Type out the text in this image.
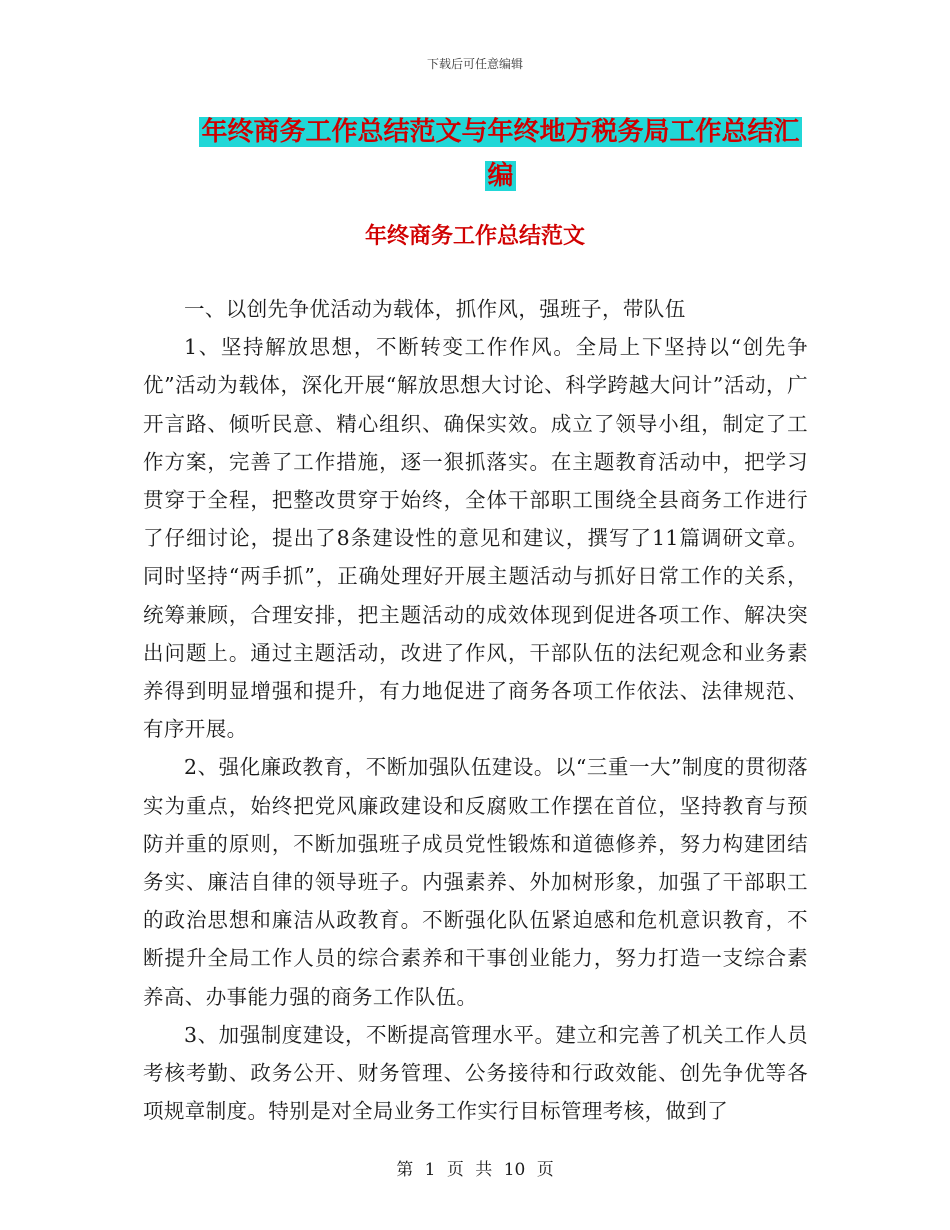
下载后可任意编辑
年终商务工作总结范文与年终地方税务局工作总结汇
编
年终商务工作总结范文

一、以创先争优活动为载体，抓作风，强班子，带队伍

1、坚持解放思想，不断转变工作作风。全局上下坚持以“创先争优”活动为载体，深化开展“解放思想大讨论、科学跨越大问计”活动，广开言路、倾听民意、精心组织、确保实效。成立了领导小组，制定了工作方案，完善了工作措施，逐一狠抓落实。在主题教育活动中，把学习贯穿于全程，把整改贯穿于始终，全体干部职工围绕全县商务工作进行了仔细讨论，提出了8条建设性的意见和建议，撰写了11篇调研文章。同时坚持“两手抓”，正确处理好开展主题活动与抓好日常工作的关系，统筹兼顾，合理安排，把主题活动的成效体现到促进各项工作、解决突出问题上。通过主题活动，改进了作风，干部队伍的法纪观念和业务素养得到明显增强和提升，有力地促进了商务各项工作依法、法律规范、有序开展。

2、强化廉政教育，不断加强队伍建设。以“三重一大”制度的贯彻落实为重点，始终把党风廉政建设和反腐败工作摆在首位，坚持教育与预防并重的原则，不断加强班子成员党性锻炼和道德修养，努力构建团结务实、廉洁自律的领导班子。内强素养、外加树形象，加强了干部职工的政治思想和廉洁从政教育。不断强化队伍紧迫感和危机意识教育，不断提升全局工作人员的综合素养和干事创业能力，努力打造一支综合素养高、办事能力强的商务工作队伍。

3、加强制度建设，不断提高管理水平。建立和完善了机关工作人员考核考勤、政务公开、财务管理、公务接待和行政效能、创先争优等各项规章制度。特别是对全局业务工作实行目标管理考核，做到了

第 1 页 共 10 页
